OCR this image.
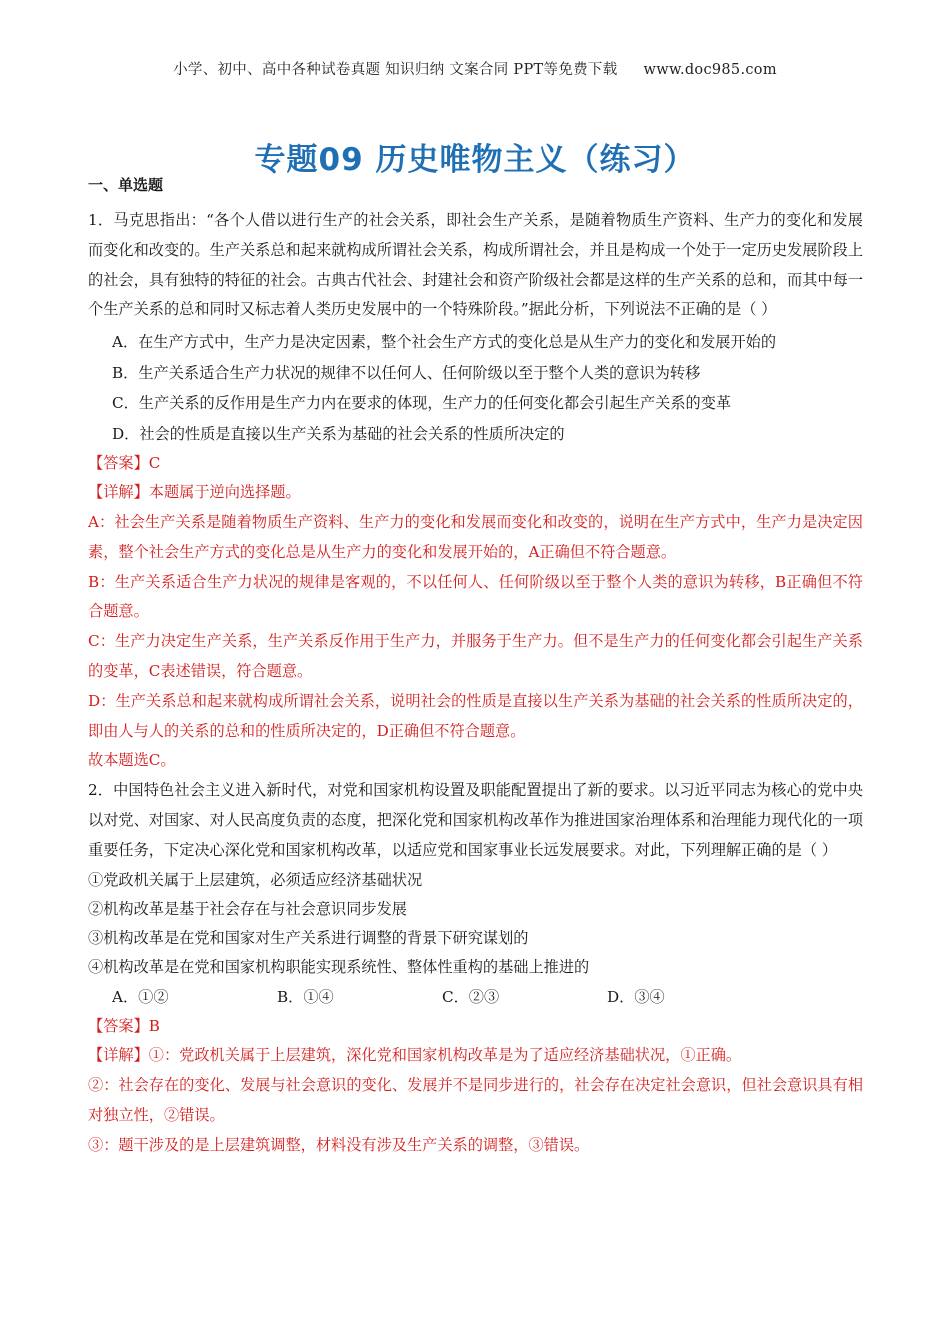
小学、初中、高中各种试卷真题 知识归纳 文案合同 PPT等免费下载 www.doc985.com
专题09 历史唯物主义（练习）
一、单选题

1．马克思指出：“各个人借以进行生产的社会关系，即社会生产关系，是随着物质生产资料、生产力的变化和发展而变化和改变的。生产关系总和起来就构成所谓社会关系，构成所谓社会，并且是构成一个处于一定历史发展阶段上的社会，具有独特的特征的社会。古典古代社会、封建社会和资产阶级社会都是这样的生产关系的总和，而其中每一个生产关系的总和同时又标志着人类历史发展中的一个特殊阶段。”据此分析，下列说法不正确的是（ ）

A．在生产方式中，生产力是决定因素，整个社会生产方式的变化总是从生产力的变化和发展开始的

B．生产关系适合生产力状况的规律不以任何人、任何阶级以至于整个人类的意识为转移

C．生产关系的反作用是生产力内在要求的体现，生产力的任何变化都会引起生产关系的变革

D．社会的性质是直接以生产关系为基础的社会关系的性质所决定的

【答案】C

【详解】本题属于逆向选择题。

A：社会生产关系是随着物质生产资料、生产力的变化和发展而变化和改变的，说明在生产方式中，生产力是决定因素，整个社会生产方式的变化总是从生产力的变化和发展开始的，A正确但不符合题意。

B：生产关系适合生产力状况的规律是客观的，不以任何人、任何阶级以至于整个人类的意识为转移，B正确但不符合题意。

C：生产力决定生产关系，生产关系反作用于生产力，并服务于生产力。但不是生产力的任何变化都会引起生产关系的变革，C表述错误，符合题意。

D：生产关系总和起来就构成所谓社会关系，说明社会的性质是直接以生产关系为基础的社会关系的性质所决定的，即由人与人的关系的总和的性质所决定的，D正确但不符合题意。

故本题选C。

2．中国特色社会主义进入新时代，对党和国家机构设置及职能配置提出了新的要求。以习近平同志为核心的党中央以对党、对国家、对人民高度负责的态度，把深化党和国家机构改革作为推进国家治理体系和治理能力现代化的一项重要任务，下定决心深化党和国家机构改革，以适应党和国家事业长远发展要求。对此，下列理解正确的是（ ）

①党政机关属于上层建筑，必须适应经济基础状况

②机构改革是基于社会存在与社会意识同步发展

③机构改革是在党和国家对生产关系进行调整的背景下研究谋划的

④机构改革是在党和国家机构职能实现系统性、整体性重构的基础上推进的

A．①②	B．①④	C．②③	D．③④

【答案】B

【详解】①：党政机关属于上层建筑，深化党和国家机构改革是为了适应经济基础状况，①正确。

②：社会存在的变化、发展与社会意识的变化、发展并不是同步进行的，社会存在决定社会意识，但社会意识具有相对独立性，②错误。

③：题干涉及的是上层建筑调整，材料没有涉及生产关系的调整，③错误。
